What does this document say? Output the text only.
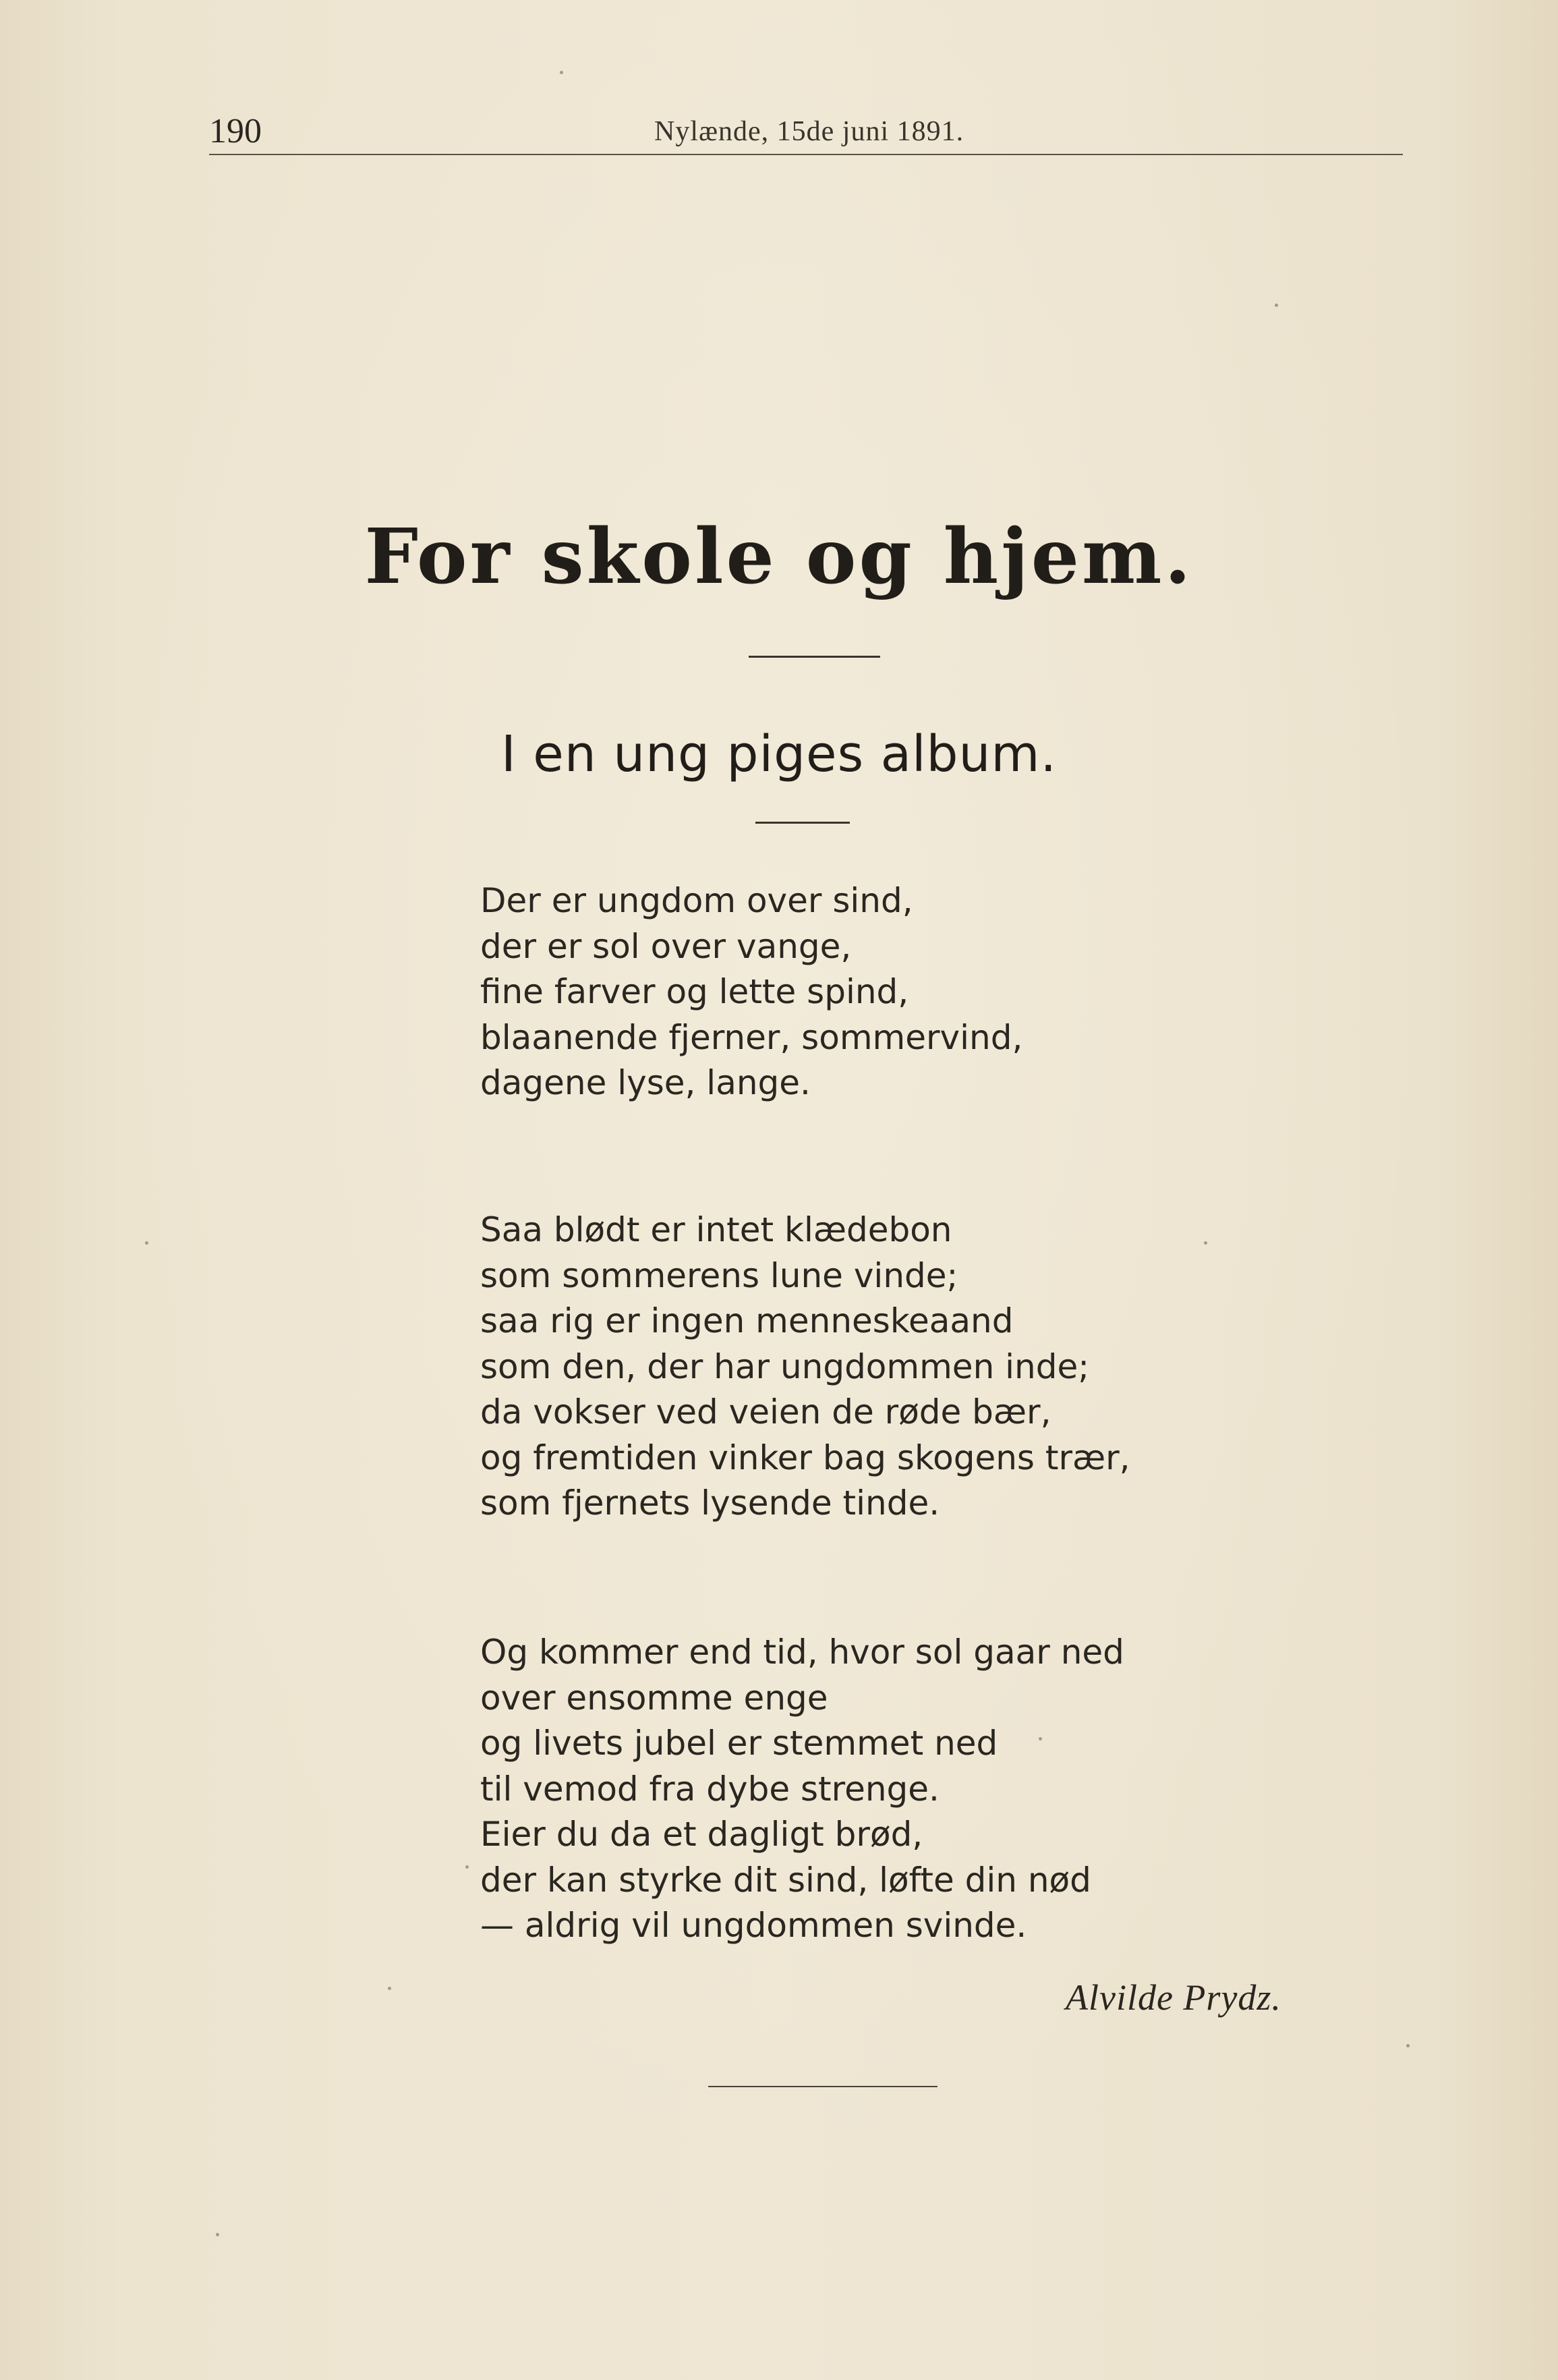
190	Nylænde, 15de juni 1891.
For skole og hjem.
I en ung piges album.
Der er ungdom over sind,
der er sol over vange,
fine farver og lette spind,
blaanende fjerner, sommervind,
dagene lyse, lange.
Saa blødt er intet klædebon
som sommerens lune vinde;
saa rig er ingen menneskeaand
som den, der har ungdommen inde;
da vokser ved veien de røde bær,
og fremtiden vinker bag skogens trær,
som fjernets lysende tinde.
Og kommer end tid, hvor sol gaar ned
over ensomme enge
og livets jubel er stemmet ned
til vemod fra dybe strenge.
Eier du da et dagligt brød,
der kan styrke dit sind, løfte din nød
— aldrig vil ungdommen svinde.
Alvilde Prydz.
